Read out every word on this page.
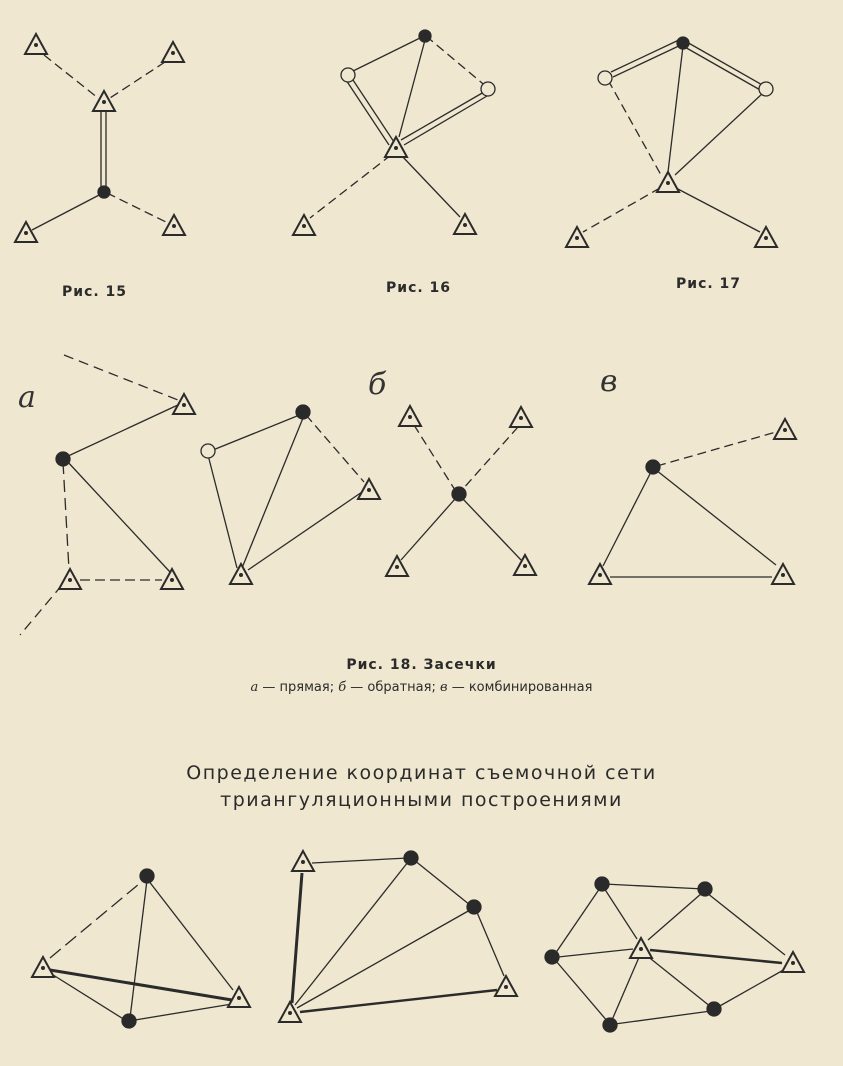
Рис. 15	Рис. 16	Рис. 17

а	б	в

Рис. 18. Засечки

а — прямая; б — обратная; в — комбинированная

Определение координат съемочной сети

триангуляционными построениями
